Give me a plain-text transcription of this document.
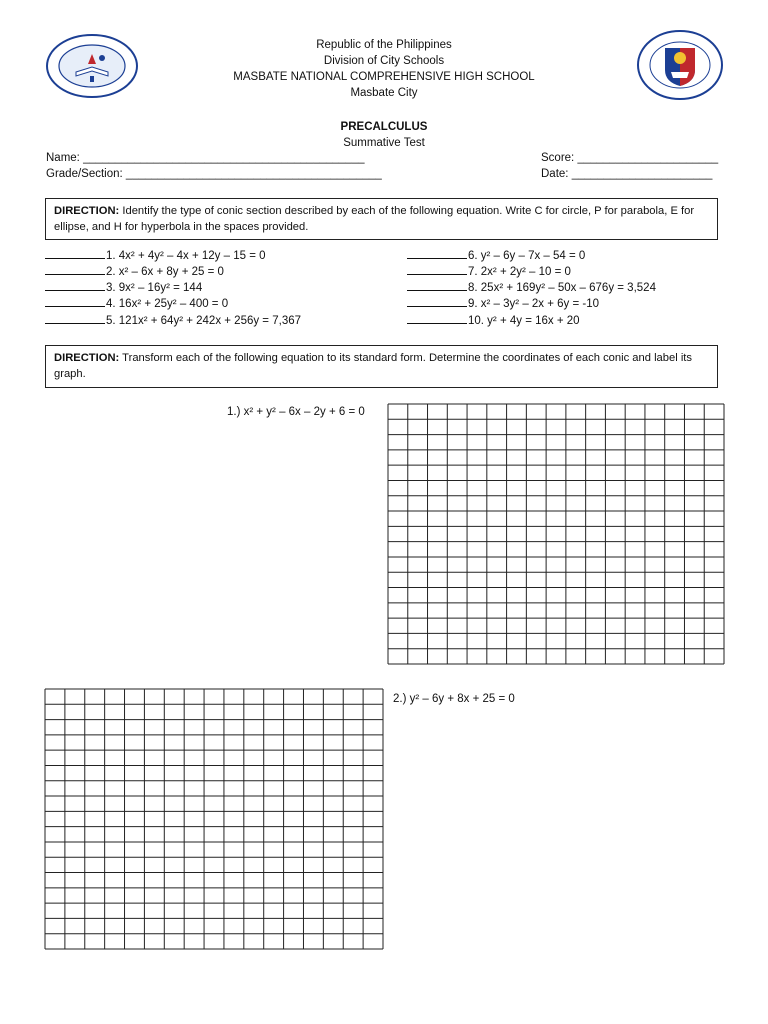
Republic of the Philippines
Division of City Schools
MASBATE NATIONAL COMPREHENSIVE HIGH SCHOOL
Masbate City
PRECALCULUS
Summative Test
Name: ____________________________________________
Grade/Section: ________________________________________
Score: ______________________
Date: ______________________
DIRECTION: Identify the type of conic section described by each of the following equation. Write C for circle, P for parabola, E for ellipse, and H for hyperbola in the spaces provided.
1. 4x² + 4y² – 4x + 12y – 15 = 0
2. x² – 6x + 8y + 25 = 0
3. 9x² – 16y² = 144
4. 16x² + 25y² – 400 = 0
5. 121x² + 64y² + 242x + 256y = 7,367
6. y² – 6y – 7x – 54 = 0
7. 2x² + 2y² – 10 = 0
8. 25x² + 169y² – 50x – 676y = 3,524
9. x² – 3y² – 2x + 6y = -10
10. y² + 4y = 16x + 20
DIRECTION: Transform each of the following equation to its standard form. Determine the coordinates of each conic and label its graph.
1.) x² + y² – 6x – 2y + 6 = 0
2.) y² – 6y + 8x + 25 = 0
